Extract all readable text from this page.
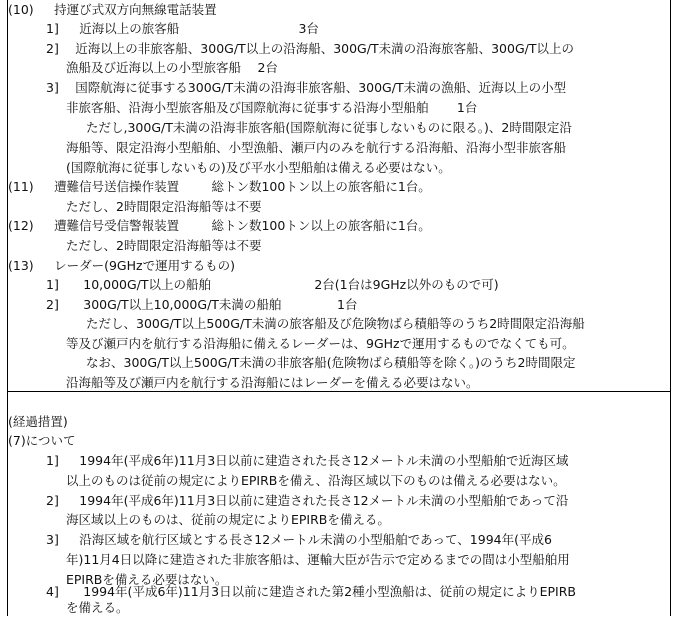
(10)　  持運び式双方向無線電話装置
1]　  近海以上の旅客船                              3台
2]　 近海以上の非旅客船、300G/T以上の沿海船、300G/T未満の沿海旅客船、300G/T以上の
漁船及び近海以上の小型旅客船　 2台
3]　 国際航海に従事する300G/T未満の沿海非旅客船、300G/T未満の漁船、近海以上の小型
非旅客船、沿海小型旅客船及び国際航海に従事する沿海小型船舶　    1台
ただし,300G/T未満の沿海非旅客船(国際航海に従事しないものに限る。)、2時間限定沿
海船等、限定沿海小型船舶、小型漁船、瀬戸内のみを航行する沿海船、沿海小型非旅客船
(国際航海に従事しないもの)及び平水小型船舶は備える必要はない。
(11)　  遭難信号送信操作装置　     総トン数100トン以上の旅客船に1台。
ただし、2時間限定沿海船等は不要
(12)　  遭難信号受信警報装置　     総トン数100トン以上の旅客船に1台。
ただし、2時間限定沿海船等は不要
(13)　  レーダー(9GHzで運用するもの)
1]　   10,000G/T以上の船舶                          2台(1台は9GHz以外のもので可)
2]　   300G/T以上10,000G/T未満の船舶              1台
ただし、300G/T以上500G/T未満の旅客船及び危険物ばら積船等のうち2時間限定沿海船
等及び瀬戸内を航行する沿海船に備えるレーダーは、9GHzで運用するものでなくても可。
なお、300G/T以上500G/T未満の非旅客船(危険物ばら積船等を除く。)のうち2時間限定
沿海船等及び瀬戸内を航行する沿海船にはレーダーを備える必要はない。
(経過措置)
(7)について
1]　  1994年(平成6年)11月3日以前に建造された長さ12メートル未満の小型船舶で近海区域
以上のものは従前の規定によりEPIRBを備え、沿海区域以下のものは備える必要はない。
2]　  1994年(平成6年)11月3日以前に建造された長さ12メートル未満の小型船舶であって沿
海区域以上のものは、従前の規定によりEPIRBを備える。
3]　  沿海区域を航行区域とする長さ12メートル未満の小型船舶であって、1994年(平成6
年)11月4日以降に建造された非旅客船は、運輸大臣が告示で定めるまでの間は小型船舶用
EPIRBを備える必要はない。
4]　   1994年(平成6年)11月3日以前に建造された第2種小型漁船は、従前の規定によりEPIRB
を備える。
